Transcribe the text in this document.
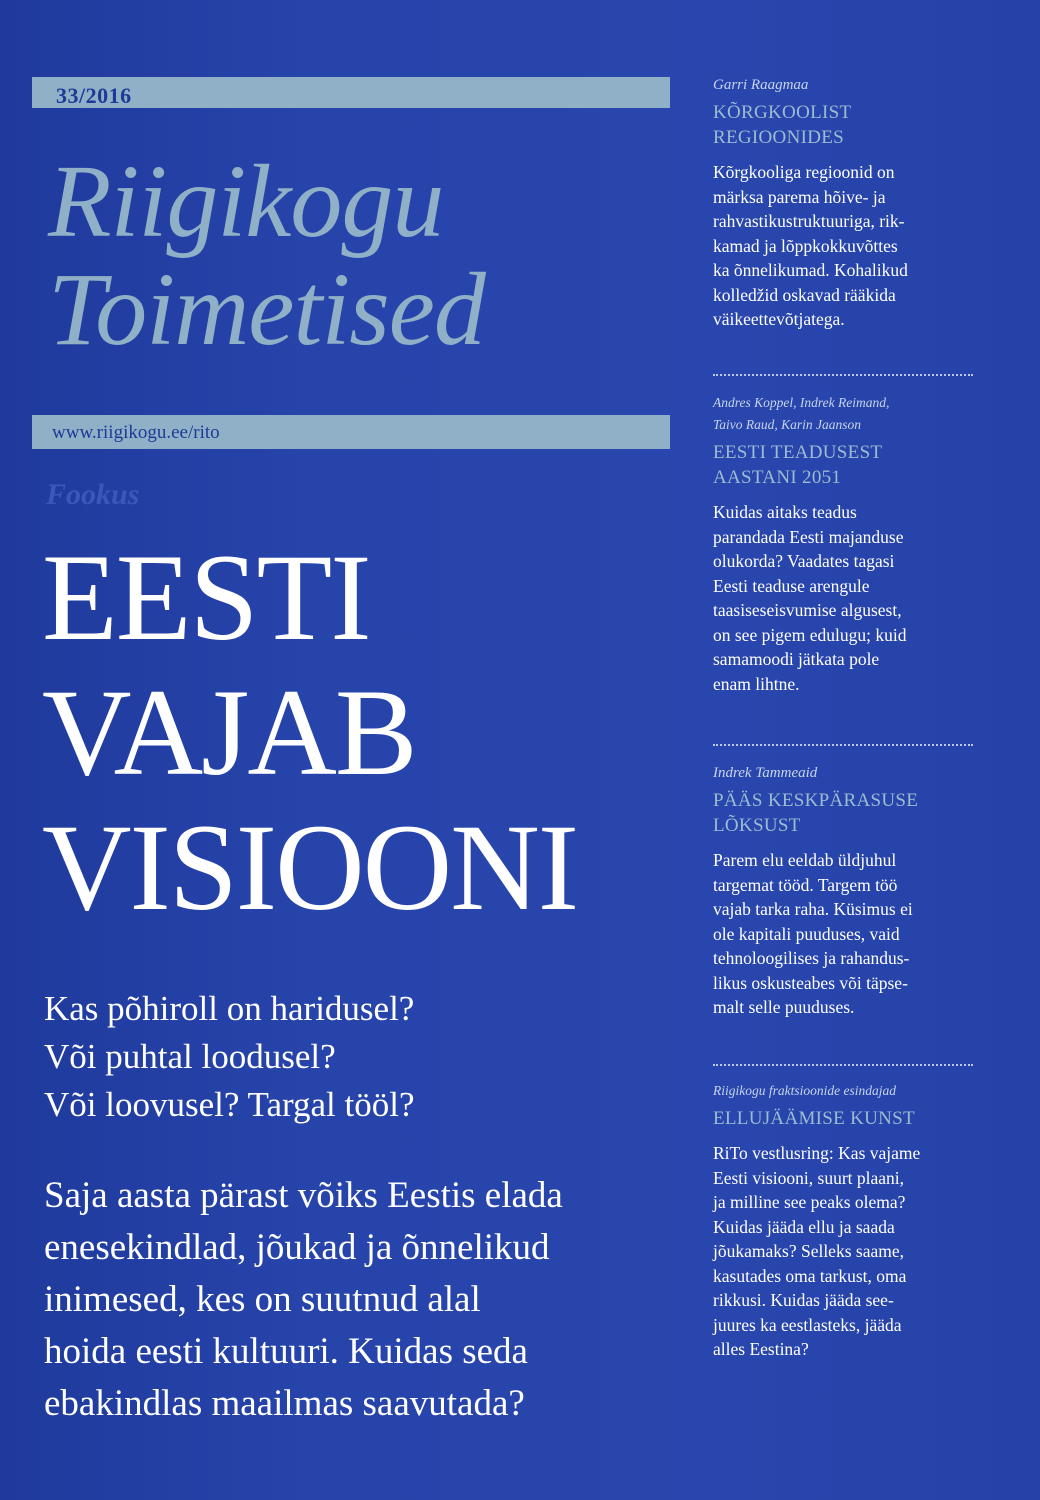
33/2016
Riigikogu
Toimetised
www.riigikogu.ee/rito
Fookus
EESTI
VAJAB
VISIOONI
Kas põhiroll on haridusel?
Või puhtal loodusel?
Või loovusel? Targal tööl?
Saja aasta pärast võiks Eestis elada
enesekindlad, jõukad ja õnnelikud
inimesed, kes on suutnud alal
hoida eesti kultuuri. Kuidas seda
ebakindlas maailmas saavutada?
Garri Raagmaa
KÕRGKOOLIST
REGIOONIDES
Kõrgkooliga regioonid on
märksa parema hõive- ja
rahvastikustruktuuriga, rik-
kamad ja lõppkokkuvõttes
ka õnnelikumad. Kohalikud
kolledžid oskavad rääkida
väikeettevõtjatega.
Andres Koppel, Indrek Reimand,
Taivo Raud, Karin Jaanson
EESTI TEADUSEST
AASTANI 2051
Kuidas aitaks teadus
parandada Eesti majanduse
olukorda? Vaadates tagasi
Eesti teaduse arengule
taasiseseisvumise algusest,
on see pigem edulugu; kuid
samamoodi jätkata pole
enam lihtne.
Indrek Tammeaid
PÄÄS KESKPÄRASUSE
LÕKSUST
Parem elu eeldab üldjuhul
targemat tööd. Targem töö
vajab tarka raha. Küsimus ei
ole kapitali puuduses, vaid
tehnoloogilises ja rahandus-
likus oskusteabes või täpse-
malt selle puuduses.
Riigikogu fraktsioonide esindajad
ELLUJÄÄMISE KUNST
RiTo vestlusring: Kas vajame
Eesti visiooni, suurt plaani,
ja milline see peaks olema?
Kuidas jääda ellu ja saada
jõukamaks? Selleks saame,
kasutades oma tarkust, oma
rikkusi. Kuidas jääda see-
juures ka eestlasteks, jääda
alles Eestina?
